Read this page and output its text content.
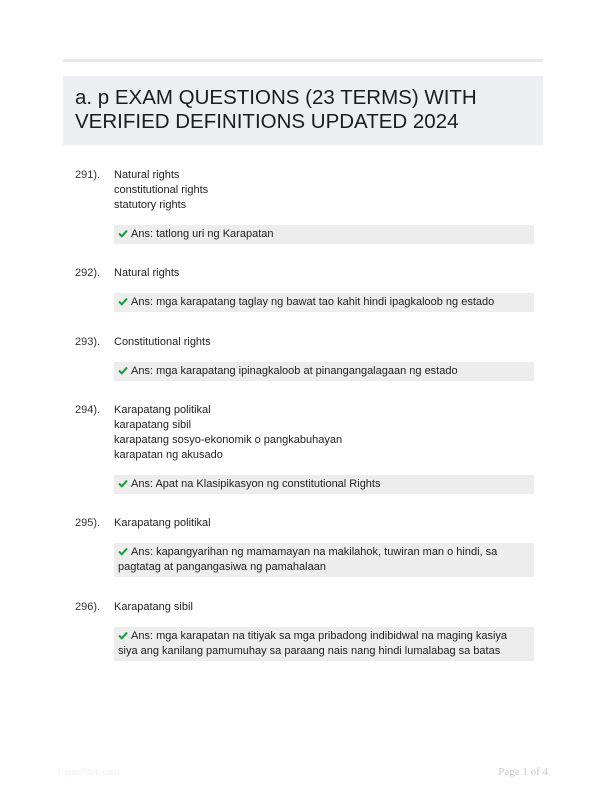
a. p EXAM QUESTIONS (23 TERMS) WITH VERIFIED DEFINITIONS UPDATED 2024
291). Natural rights
constitutional rights
statutory rights
Ans: tatlong uri ng Karapatan
292). Natural rights
Ans: mga karapatang taglay ng bawat tao kahit hindi ipagkaloob ng estado
293). Constitutional rights
Ans: mga karapatang ipinagkaloob at pinangangalagaan ng estado
294). Karapatang politikal
karapatang sibil
karapatang sosyo-ekonomik o pangkabuhayan
karapatan ng akusado
Ans: Apat na Klasipikasyon ng constitutional Rights
295). Karapatang politikal
Ans: kapangyarihan ng mamamayan na makilahok, tuwiran man o hindi, sa pagtatag at pangangasiwa ng pamahalaan
296). Karapatang sibil
Ans: mga karapatan na titiyak sa mga pribadong indibidwal na maging kasiya siya ang kanilang pamumuhay sa paraang nais nang hindi lumalabag sa batas
PaperStoc.com	Page 1 of 4
